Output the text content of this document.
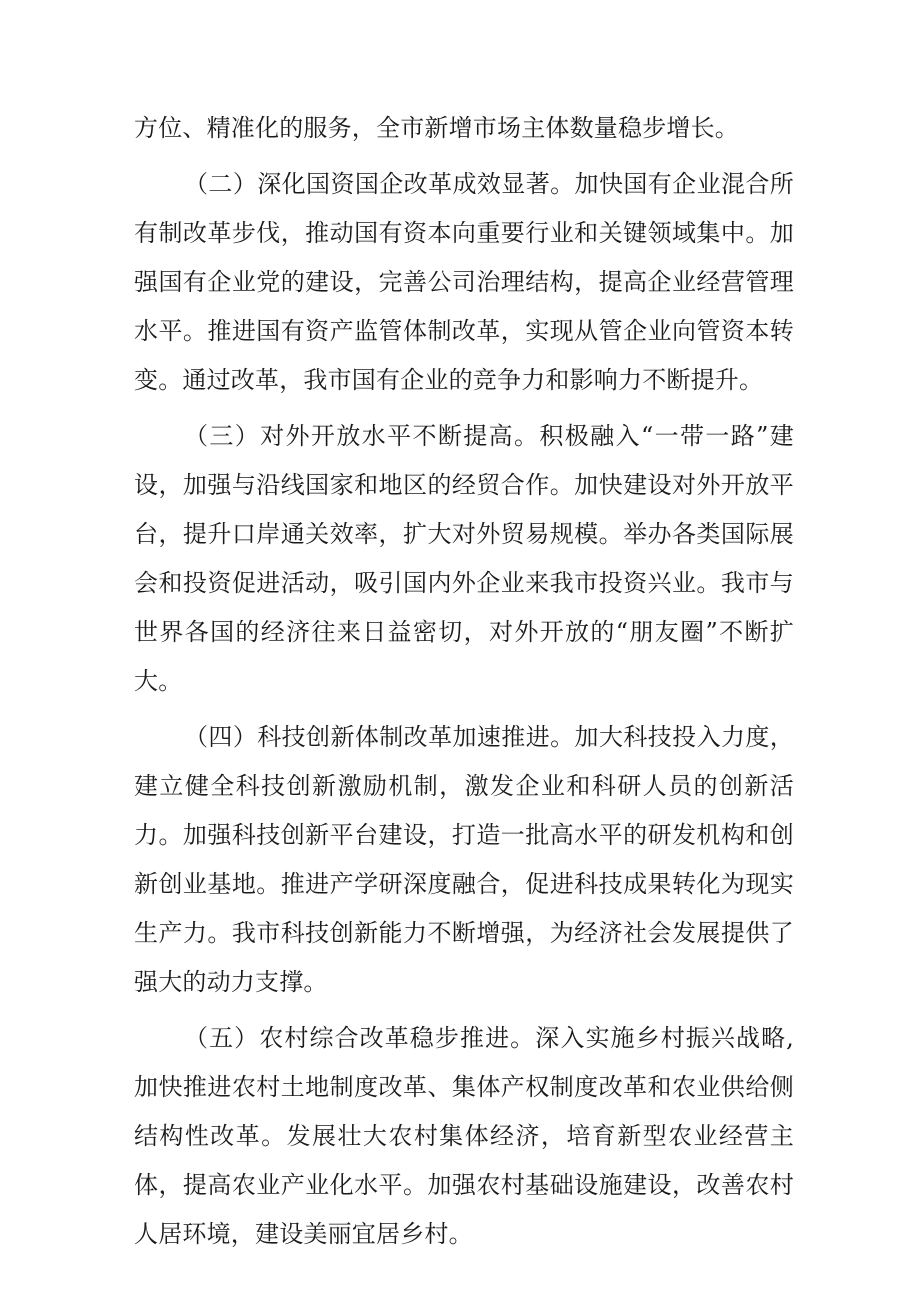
方位、精准化的服务，全市新增市场主体数量稳步增长。

（二）深化国资国企改革成效显著。加快国有企业混合所有制改革步伐，推动国有资本向重要行业和关键领域集中。加强国有企业党的建设，完善公司治理结构，提高企业经营管理水平。推进国有资产监管体制改革，实现从管企业向管资本转变。通过改革，我市国有企业的竞争力和影响力不断提升。

（三）对外开放水平不断提高。积极融入“一带一路”建设，加强与沿线国家和地区的经贸合作。加快建设对外开放平台，提升口岸通关效率，扩大对外贸易规模。举办各类国际展会和投资促进活动，吸引国内外企业来我市投资兴业。我市与世界各国的经济往来日益密切，对外开放的“朋友圈”不断扩大。

（四）科技创新体制改革加速推进。加大科技投入力度，建立健全科技创新激励机制，激发企业和科研人员的创新活力。加强科技创新平台建设，打造一批高水平的研发机构和创新创业基地。推进产学研深度融合，促进科技成果转化为现实生产力。我市科技创新能力不断增强，为经济社会发展提供了强大的动力支撑。

（五）农村综合改革稳步推进。深入实施乡村振兴战略,加快推进农村土地制度改革、集体产权制度改革和农业供给侧结构性改革。发展壮大农村集体经济，培育新型农业经营主体，提高农业产业化水平。加强农村基础设施建设，改善农村人居环境，建设美丽宜居乡村。
